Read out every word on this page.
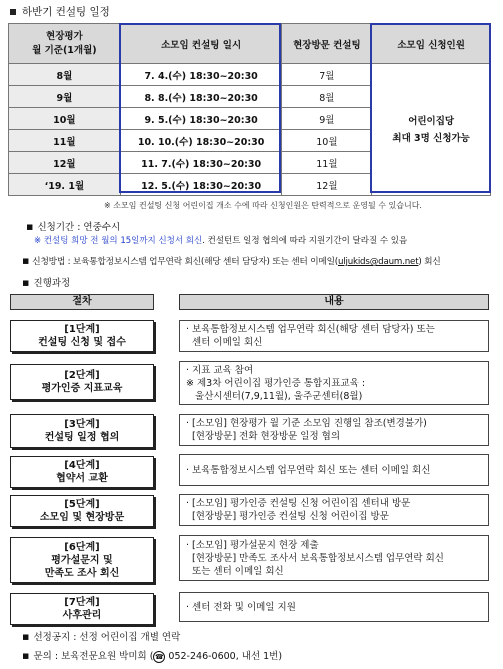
하반기 컨설팅 일정
현장평가
월 기준(1개월)	소모임 컨설팅 일시	현장방문 컨설팅	소모임 신청인원
8월	7. 4.(수) 18:30~20:30	7월	어린이집당
최대 3명 신청가능

9월	8. 8.(수) 18:30~20:30	8월	
10월	9. 5.(수) 18:30~20:30	9월	
11월	10. 10.(수) 18:30~20:30	10월	
12월	11. 7.(수) 18:30~20:30	11월	
‘19. 1월	12. 5.(수) 18:30~20:30	12월	
※ 소모임 컨설팅 신청 어린이집 개소 수에 따라 신청인원은 탄력적으로 운영될 수 있습니다.
▪ 신청기간 : 연중수시
※ 컨설팅 희망 전 월의 15일까지 신청서 회신. 컨설턴트 일정 협의에 따라 지원기간이 달라질 수 있음
▪ 신청방법 : 보육통합정보시스템 업무연락 회신(해당 센터 담당자) 또는 센터 이메일(uljukids@daum.net) 회신
▪ 진행과정
절차	내용
[1단계]
컨설팅 신청 및 접수
· 보육통합정보시스템 업무연락 회신(해당 센터 담당자) 또는
센터 이메일 회신
[2단계]
평가인증 지표교육
· 지표 교육 참여
※ 제3차 어린이집 평가인증 통합지표교육 :
울산시센터(7,9,11월), 울주군센터(8월)
[3단계]
컨설팅 일정 협의
· [소모임] 현장평가 월 기준 소모임 진행일 참조(변경불가)
[현장방문] 전화 현장방문 일정 협의
[4단계]
협약서 교환
· 보육통합정보시스템 업무연락 회신 또는 센터 이메일 회신
[5단계]
소모임 및 현장방문
· [소모임] 평가인증 컨설팅 신청 어린이집 센터내 방문
[현장방문] 평가인증 컨설팅 신청 어린이집 방문
[6단계]
평가설문지 및
만족도 조사 회신
· [소모임] 평가설문지 현장 제출
[현장방문] 만족도 조사서 보육통합정보시스템 업무연락 회신
또는 센터 이메일 회신
[7단계]
사후관리
· 센터 전화 및 이메일 지원
▪ 선정공지 : 선정 어린이집 개별 연락
▪ 문의 : 보육전문요원 박미희 ( ☎ 052-246-0600, 내선 1번)
